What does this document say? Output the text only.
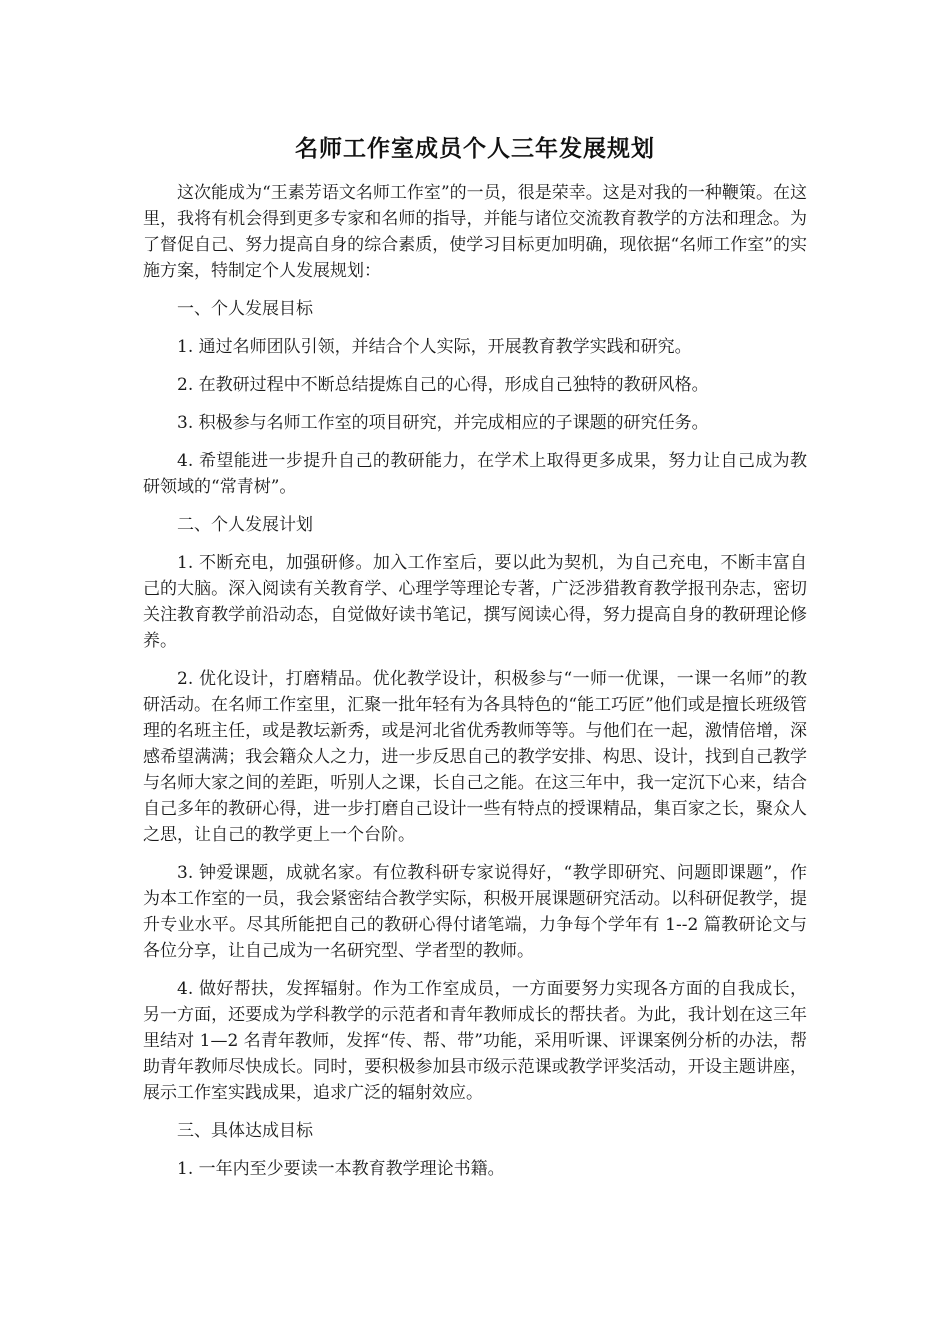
名师工作室成员个人三年发展规划

这次能成为“王素芳语文名师工作室”的一员，很是荣幸。这是对我的一种鞭策。在这里，我将有机会得到更多专家和名师的指导，并能与诸位交流教育教学的方法和理念。为了督促自己、努力提高自身的综合素质，使学习目标更加明确，现依据“名师工作室”的实施方案，特制定个人发展规划：

一、个人发展目标

1. 通过名师团队引领，并结合个人实际，开展教育教学实践和研究。

2. 在教研过程中不断总结提炼自己的心得，形成自己独特的教研风格。

3. 积极参与名师工作室的项目研究，并完成相应的子课题的研究任务。

4. 希望能进一步提升自己的教研能力，在学术上取得更多成果，努力让自己成为教研领域的“常青树”。

二、个人发展计划

1. 不断充电，加强研修。加入工作室后，要以此为契机，为自己充电，不断丰富自己的大脑。深入阅读有关教育学、心理学等理论专著，广泛涉猎教育教学报刊杂志，密切关注教育教学前沿动态，自觉做好读书笔记，撰写阅读心得，努力提高自身的教研理论修养。

2. 优化设计，打磨精品。优化教学设计，积极参与“一师一优课，一课一名师”的教研活动。在名师工作室里，汇聚一批年轻有为各具特色的“能工巧匠”他们或是擅长班级管理的名班主任，或是教坛新秀，或是河北省优秀教师等等。与他们在一起，激情倍增，深感希望满满；我会籍众人之力，进一步反思自己的教学安排、构思、设计，找到自己教学与名师大家之间的差距，听别人之课，长自己之能。在这三年中，我一定沉下心来，结合自己多年的教研心得，进一步打磨自己设计一些有特点的授课精品，集百家之长，聚众人之思，让自己的教学更上一个台阶。

3. 钟爱课题，成就名家。有位教科研专家说得好，“教学即研究、问题即课题”，作为本工作室的一员，我会紧密结合教学实际，积极开展课题研究活动。以科研促教学，提升专业水平。尽其所能把自己的教研心得付诸笔端，力争每个学年有 1--2 篇教研论文与各位分享，让自己成为一名研究型、学者型的教师。

4. 做好帮扶，发挥辐射。作为工作室成员，一方面要努力实现各方面的自我成长，另一方面，还要成为学科教学的示范者和青年教师成长的帮扶者。为此，我计划在这三年里结对 1—2 名青年教师，发挥“传、帮、带”功能，采用听课、评课案例分析的办法，帮助青年教师尽快成长。同时，要积极参加县市级示范课或教学评奖活动，开设主题讲座，展示工作室实践成果，追求广泛的辐射效应。

三、具体达成目标

1. 一年内至少要读一本教育教学理论书籍。
